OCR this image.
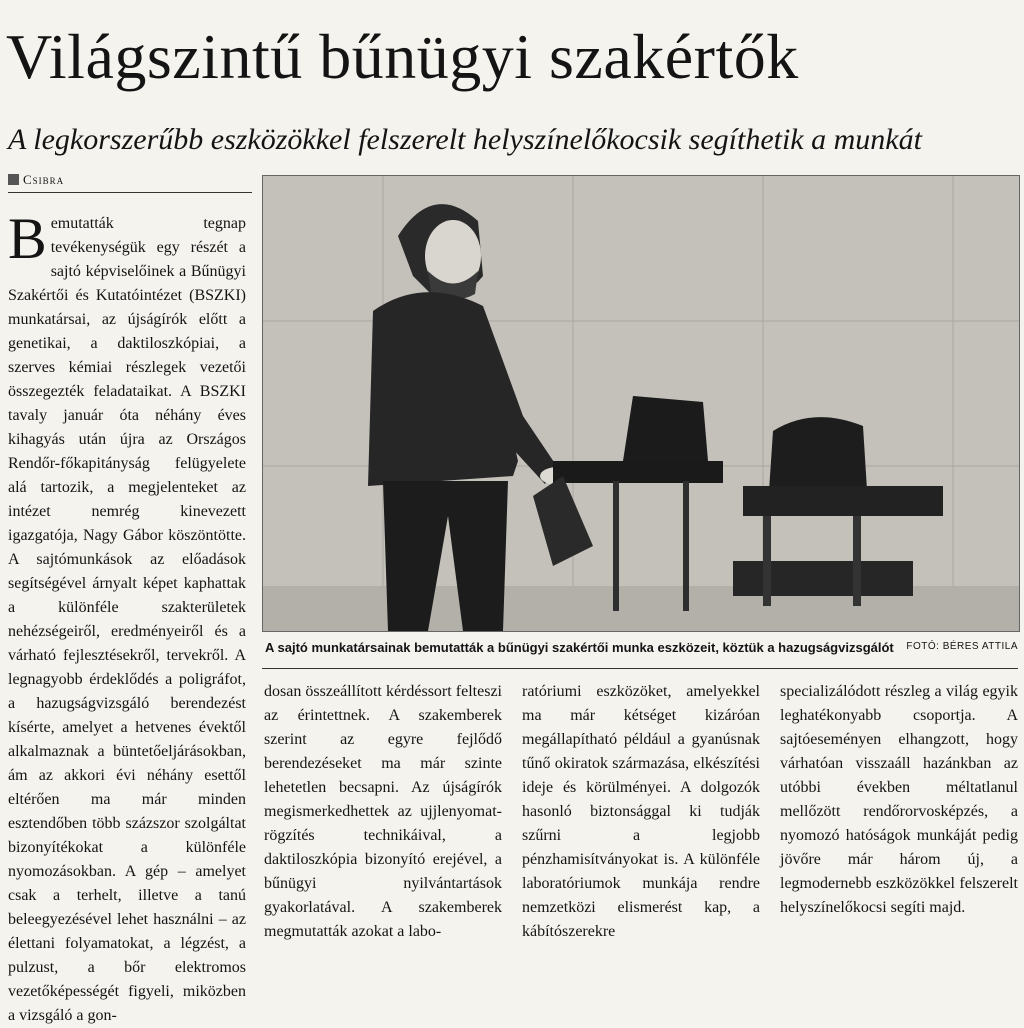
Világszintű bűnügyi szakértők
A legkorszerűbb eszközökkel felszerelt helyszínelőkocsik segíthetik a munkát
Csibra

Bemutatták tegnap tevékenységük egy részét a sajtó képviselőinek a Bűnügyi Szakértői és Kutatóintézet (BSZKI) munkatársai, az újságírók előtt a genetikai, a daktiloszkópiai, a szerves kémiai részlegek vezetői összegezték feladataikat. A BSZKI tavaly január óta néhány éves kihagyás után újra az Országos Rendőr-főkapitányság felügyelete alá tartozik, a megjelenteket az intézet nemrég kinevezett igazgatója, Nagy Gábor köszöntötte. A sajtómunkások az előadások segítségével árnyalt képet kaphattak a különféle szakterületek nehézségeiről, eredményeiről és a várható fejlesztésekről, tervekről. A legnagyobb érdeklődés a poligráfot, a hazugságvizsgáló berendezést kísérte, amelyet a hetvenes évektől alkalmaznak a büntetőeljárásokban, ám az akkori évi néhány esettől eltérően ma már minden esztendőben több százszor szolgáltat bizonyítékokat a különféle nyomozásokban. A gép – amelyet csak a terhelt, illetve a tanú beleegyezésével lehet használni – az élettani folyamatokat, a légzést, a pulzust, a bőr elektromos vezetőképességét figyeli, miközben a vizsgáló a gon-

A sajtó munkatársainak bemutatták a bűnügyi szakértői munka eszközeit, köztük a hazugságvizsgálót FOTÓ: BÉRES ATTILA

dosan összeállított kérdéssort felteszi az érintettnek. A szakemberek szerint az egyre fejlődő berendezéseket ma már szinte lehetetlen becsapni. Az újságírók megismerkedhettek az ujjlenyomat-rögzítés technikáival, a daktiloszkópia bizonyító erejével, a bűnügyi nyilvántartások gyakorlatával. A szakemberek megmutatták azokat a labo-

ratóriumi eszközöket, amelyekkel ma már kétséget kizáróan megállapítható például a gyanúsnak tűnő okiratok származása, elkészítési ideje és körülményei. A dolgozók hasonló biztonsággal ki tudják szűrni a legjobb pénzhamisítványokat is. A különféle laboratóriumok munkája rendre nemzetközi elismerést kap, a kábítószerekre

specializálódott részleg a világ egyik leghatékonyabb csoportja. A sajtóeseményen elhangzott, hogy várhatóan visszaáll hazánkban az utóbbi években méltatlanul mellőzött rendőrorvosképzés, a nyomozó hatóságok munkáját pedig jövőre már három új, a legmodernebb eszközökkel felszerelt helyszínelőkocsi segíti majd.
